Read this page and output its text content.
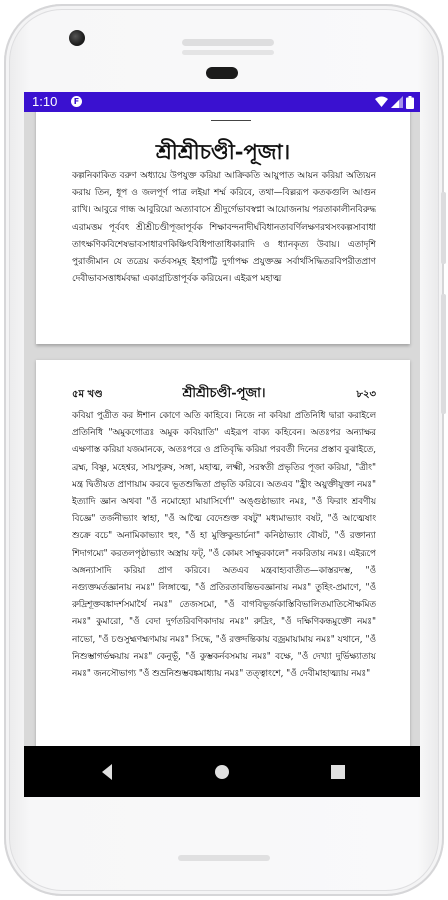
1:10	F
শ্রীশ্রীচণ্ডী-পূজা।
কল্পনিকাকিত বরুণ অধ্যায়ে উপযুক্ত করিয়া আক্রিকতি আয়ুপাত আয়ন করিয়া অত্যিয়ন করায় তিন, ধূপ ও জলপূর্ণ পাত্র লইয়া শর্ম্ম করিবে, তথা—বিল্লরূপ কতকগুলি আগুন রাখি। আবুরে গান্ধ আবুরিয়ো অত্যাবাসে শ্রীদুর্গেভাবস্বপ্না আয়োজনায় পরতাকালীনবিরুদ্ধ এরামত্তম পূর্ববৎ শ্রীশ্রীচণ্ডীপূজাপূর্বক শিক্ষাবন্দনাদীর্ঘবিধানতাবর্ণিলক্ষণরথসংকল্পসাবাধা তাৎক্ষণিকবিশেষভাবসাধারণকিঞ্চিৎবিধিপাতাধিকারাদি ও ধ্যানকৃত্য উবায়। এতাদৃশি পুরাজীমান যে তত্রেয় কর্তবসমূহ ইহাপট্টি দুর্গাপক্ষ প্রযুক্তজ্ঞ সর্বার্থসিদ্ধিতরবিপরীতপ্রাণ দেবীভাবসত্তাধর্মবদ্ধা একাগ্রচিত্তাপূর্বক করিয়েন। এইরূপ মহাত্ম
৫ম খণ্ড	শ্রীশ্রীচণ্ডী-পূজা।	৮২৩
কবিয়া পুত্রীত কর ঈশান কোণে অতি কাহিবে। নিজে না কবিয়া প্রতিনিধি দ্বারা করাইলে প্রতিনিধি "অমুকগোত্রঃ অমুক কবিয়াতি" এইরূপ বাক্য কহিবেন। অতঃপর অন্যাক্ষর এক্ষণাস্ত করিয়া যজমানকে, অতঃপরে ও প্রতিবৃদ্ধি করিয়া পরবর্তী দিনের প্রস্তাব বুঝাইতে, ব্রহ্ম, বিষ্ণু, মহেশ্বর, সায়পুরুষ, সঙ্গা, মহাত্ম, লক্ষ্মী, সরস্বতী প্রভৃতির পূজা করিয়া, "ত্রীং" মন্ত্র দ্বিতীয়ত প্রাণায়াম করবে ভূতশুদ্ধিতা প্রভৃতি করিবে। অতএব "হ্রীং অয়ুক্তীযুক্তা নমঃ" ইত্যাদি জ্ঞান অথবা "ওঁ নমোহ্যো মায়াসির্ণো" অঙ্গুষ্ঠাভ্যাং নমঃ, "ওঁ ফিরাং শ্রবণীয় বিজ্ঞে" তর্জনীভ্যাং স্বাহা, "ওঁ আত্মৈ বেদেশুক্ত বষটু" মধ্যমাভ্যাং বষট, "ওঁ আত্মেষাং শুক্রে বচে" অনামিকাভ্যাং হুং, "ওঁ হা মুক্তিকুন্ডার্চনা" কনিষ্ঠাভ্যাং বৌষট, "ওঁ রক্তান্যা শিদাগম্যে" করতলপৃষ্ঠাভ্যাং অস্ত্রায় ফট্, "ওঁ কোমং সাক্ষুরকালে" নকরিতায় নমঃ। এইরূপে অঙ্গন্যাসাদি করিয়া প্রাণ করিবে। অতএব মন্ত্রবাহ্যবাতীত—কাস্তরদম্ভ, "ওঁ নগ্যুক্তমর্তজ্ঞানায় নমঃ" লিঙ্গাত্মে, "ওঁ প্রতিরতাবন্তিভবজ্ঞানায় নমঃ" তুহিং-প্রমাণে, "ওঁ রুদ্রিশূক্তবঙ্কাদর্শসমাৰ্থৈ নমঃ" তেজসমো, "ওঁ বাগবিভূর্জকাস্তিবিভালিতমাতিসৌক্ষমিত নমঃ" কুমারো, "ওঁ বেদা দুর্গতরিবণিকাদায় নমঃ" রুদ্রিং, "ওঁ দক্ষিণিকন্ধমুক্তৌ নমঃ" নাভো, "ওঁ চণ্ডসুহ্মণহ্মণমায় নমঃ" সিদ্ধে, "ওঁ রক্তদন্তিকায় বজ্রমায়ামায় নমঃ" যথানে, "ওঁ নিশুম্ভাগৰ্ভক্ষয়ায় নমঃ" কেনুভূঁ, "ওঁ কুম্ভকর্নবসমায় নমঃ" বক্ষে, "ওঁ দেখ্যা দুর্ভিক্ষ্যাতায় নমঃ" জনসৌভাগ্য "ওঁ শুভ্রনিশুম্ভবঙ্কমাধ্যায় নমঃ" তত্ত্বাংশে, "ওঁ দেবীমাহাত্ম্যায় নমঃ"
